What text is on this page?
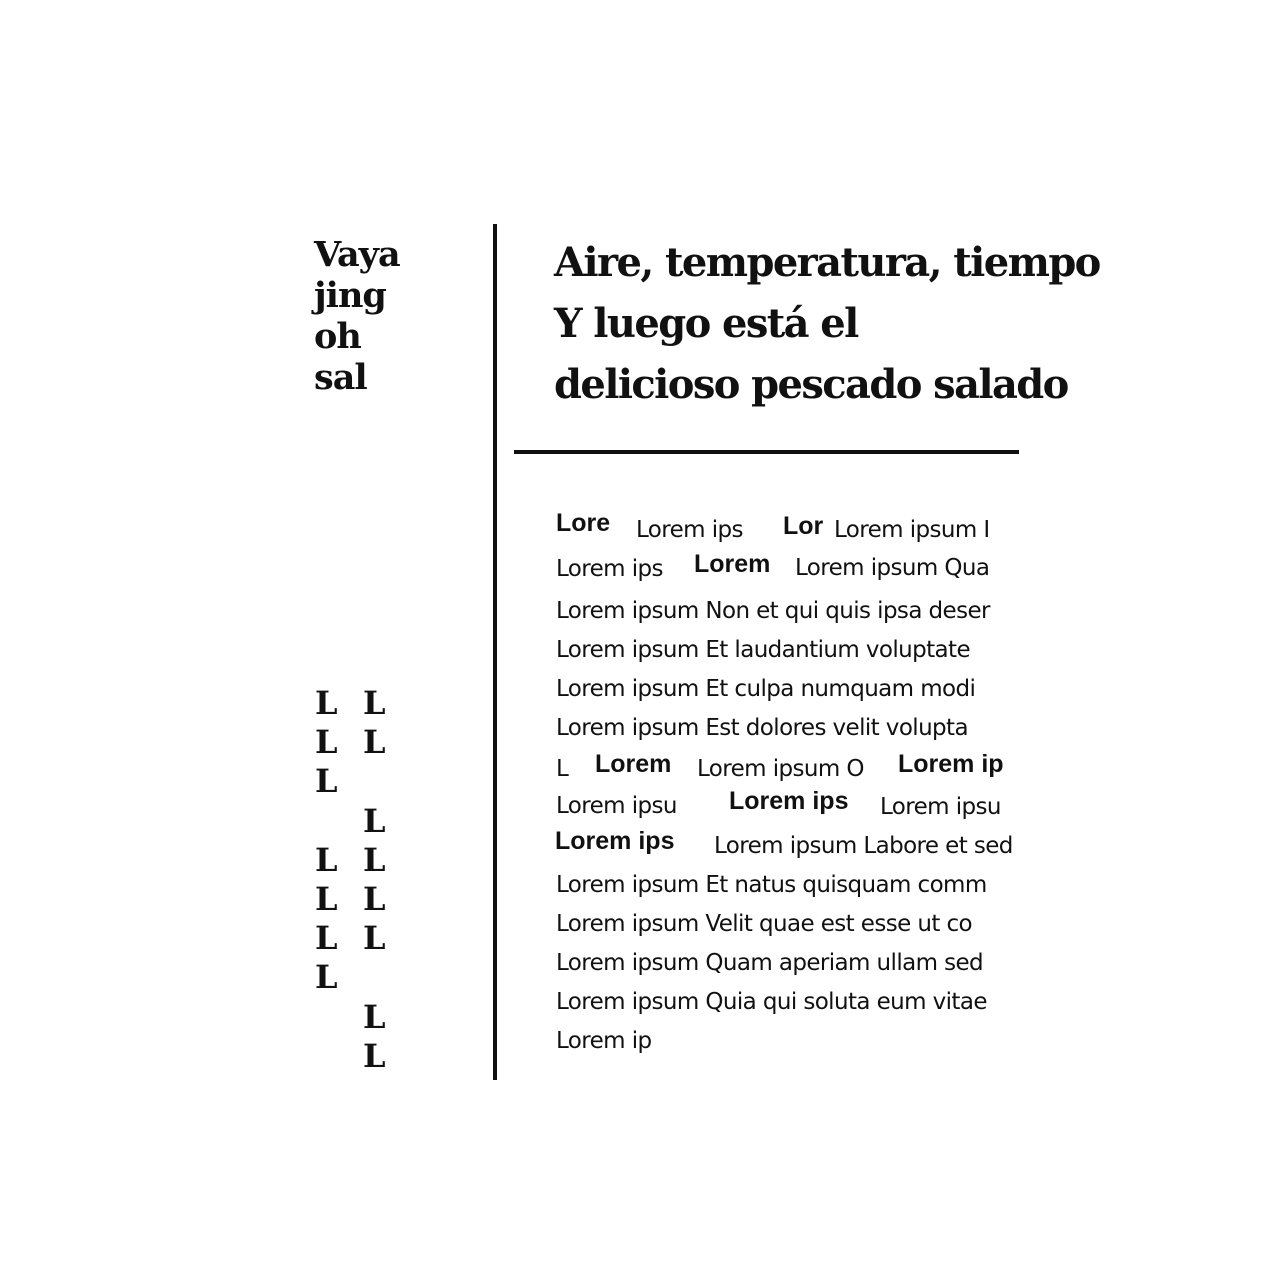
Vaya
jing
oh
sal
L
L
L
L
L
L
L
L
L
L
L
L
L
L
L
Aire, temperatura, tiempo
Y luego está el
delicioso pescado salado
Lore Lorem ips Lor Lorem ipsum I
Lorem ips Lorem Lorem ipsum Qua
Lorem ipsum Non et qui quis ipsa deser
Lorem ipsum Et laudantium voluptate
Lorem ipsum Et culpa numquam modi
Lorem ipsum Est dolores velit volupta
L Lorem Lorem ipsum O Lorem ip
Lorem ipsu Lorem ips Lorem ipsu
Lorem ips Lorem ipsum Labore et sed
Lorem ipsum Et natus quisquam comm
Lorem ipsum Velit quae est esse ut co
Lorem ipsum Quam aperiam ullam sed
Lorem ipsum Quia qui soluta eum vitae
Lorem ip
